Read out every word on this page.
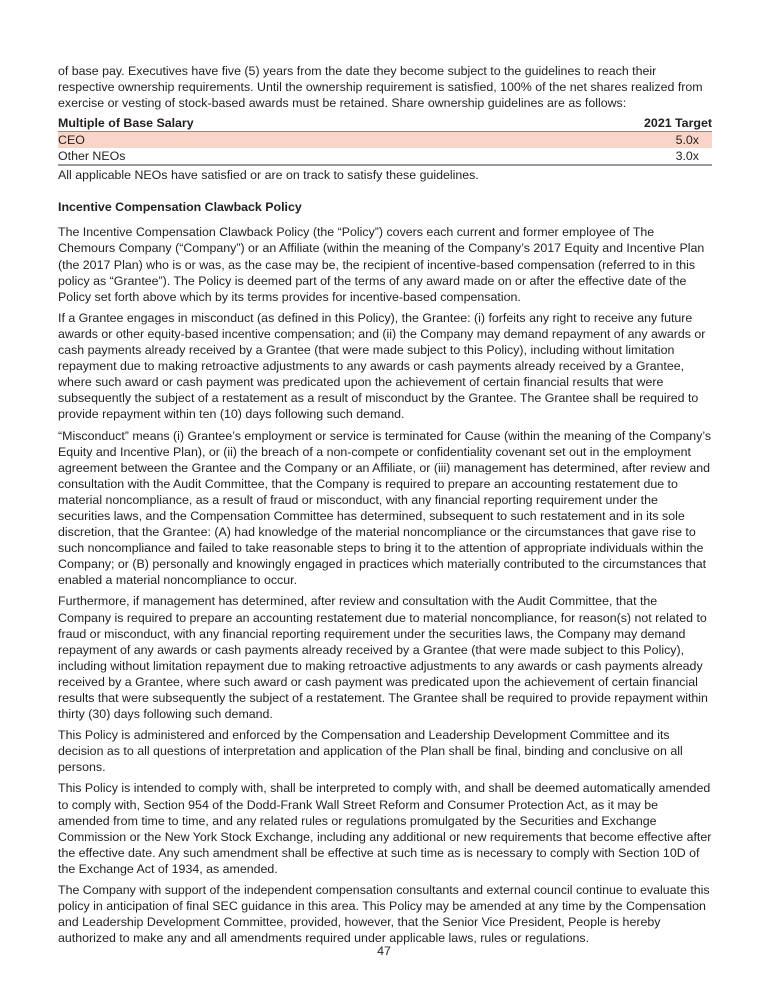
of base pay. Executives have five (5) years from the date they become subject to the guidelines to reach their respective ownership requirements. Until the ownership requirement is satisfied, 100% of the net shares realized from exercise or vesting of stock-based awards must be retained. Share ownership guidelines are as follows:

Multiple of Base Salary	2021 Target
CEO	5.0x
Other NEOs	3.0x

All applicable NEOs have satisfied or are on track to satisfy these guidelines.

Incentive Compensation Clawback Policy

The Incentive Compensation Clawback Policy (the “Policy”) covers each current and former employee of The Chemours Company (“Company”) or an Affiliate (within the meaning of the Company’s 2017 Equity and Incentive Plan (the 2017 Plan) who is or was, as the case may be, the recipient of incentive-based compensation (referred to in this policy as “Grantee”). The Policy is deemed part of the terms of any award made on or after the effective date of the Policy set forth above which by its terms provides for incentive-based compensation.

If a Grantee engages in misconduct (as defined in this Policy), the Grantee: (i) forfeits any right to receive any future awards or other equity-based incentive compensation; and (ii) the Company may demand repayment of any awards or cash payments already received by a Grantee (that were made subject to this Policy), including without limitation repayment due to making retroactive adjustments to any awards or cash payments already received by a Grantee, where such award or cash payment was predicated upon the achievement of certain financial results that were subsequently the subject of a restatement as a result of misconduct by the Grantee. The Grantee shall be required to provide repayment within ten (10) days following such demand.

“Misconduct” means (i) Grantee’s employment or service is terminated for Cause (within the meaning of the Company’s Equity and Incentive Plan), or (ii) the breach of a non-compete or confidentiality covenant set out in the employment agreement between the Grantee and the Company or an Affiliate, or (iii) management has determined, after review and consultation with the Audit Committee, that the Company is required to prepare an accounting restatement due to material noncompliance, as a result of fraud or misconduct, with any financial reporting requirement under the securities laws, and the Compensation Committee has determined, subsequent to such restatement and in its sole discretion, that the Grantee: (A) had knowledge of the material noncompliance or the circumstances that gave rise to such noncompliance and failed to take reasonable steps to bring it to the attention of appropriate individuals within the Company; or (B) personally and knowingly engaged in practices which materially contributed to the circumstances that enabled a material noncompliance to occur.

Furthermore, if management has determined, after review and consultation with the Audit Committee, that the Company is required to prepare an accounting restatement due to material noncompliance, for reason(s) not related to fraud or misconduct, with any financial reporting requirement under the securities laws, the Company may demand repayment of any awards or cash payments already received by a Grantee (that were made subject to this Policy), including without limitation repayment due to making retroactive adjustments to any awards or cash payments already received by a Grantee, where such award or cash payment was predicated upon the achievement of certain financial results that were subsequently the subject of a restatement. The Grantee shall be required to provide repayment within thirty (30) days following such demand.

This Policy is administered and enforced by the Compensation and Leadership Development Committee and its decision as to all questions of interpretation and application of the Plan shall be final, binding and conclusive on all persons.

This Policy is intended to comply with, shall be interpreted to comply with, and shall be deemed automatically amended to comply with, Section 954 of the Dodd-Frank Wall Street Reform and Consumer Protection Act, as it may be amended from time to time, and any related rules or regulations promulgated by the Securities and Exchange Commission or the New York Stock Exchange, including any additional or new requirements that become effective after the effective date. Any such amendment shall be effective at such time as is necessary to comply with Section 10D of the Exchange Act of 1934, as amended.

The Company with support of the independent compensation consultants and external council continue to evaluate this policy in anticipation of final SEC guidance in this area. This Policy may be amended at any time by the Compensation and Leadership Development Committee, provided, however, that the Senior Vice President, People is hereby authorized to make any and all amendments required under applicable laws, rules or regulations.

47
